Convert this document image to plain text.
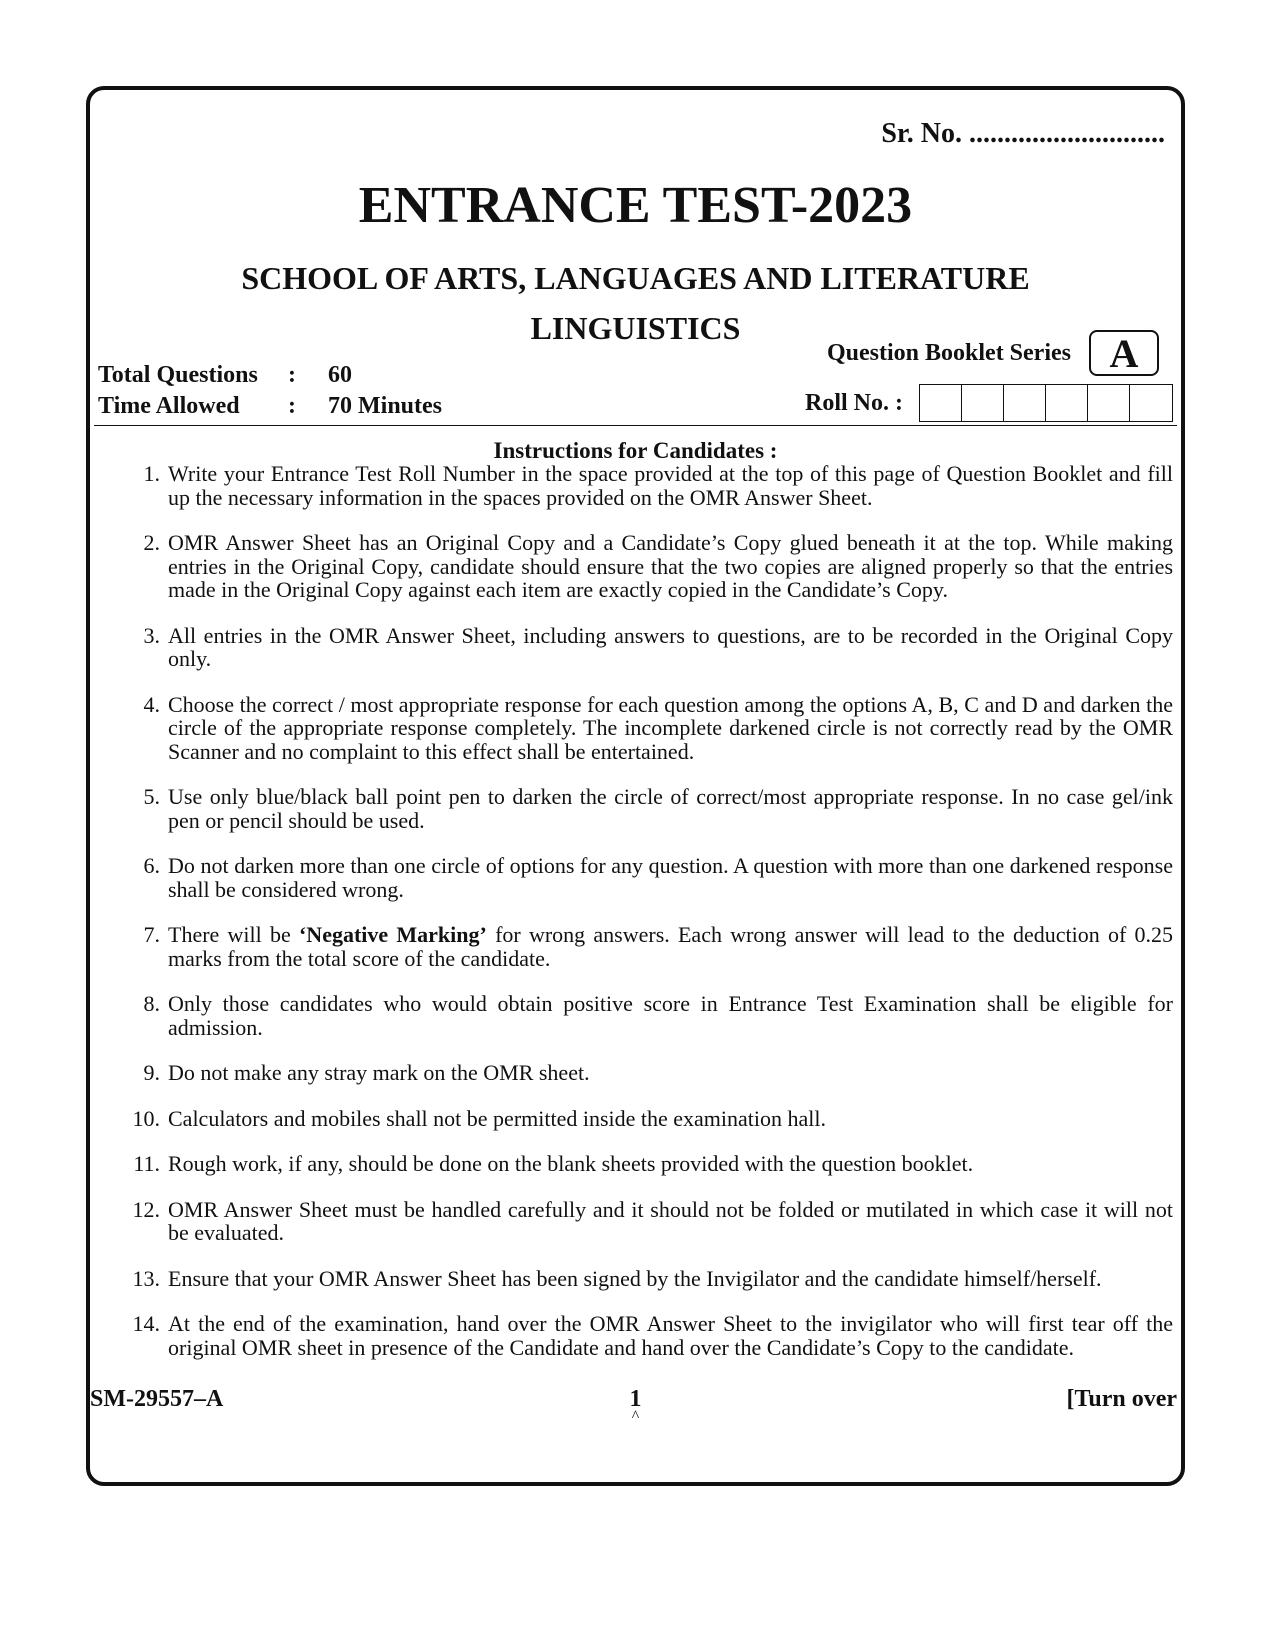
Sr. No. ............................
ENTRANCE TEST-2023
SCHOOL OF ARTS, LANGUAGES AND LITERATURE
LINGUISTICS
Question Booklet Series A
Total Questions	:	60
Time Allowed	:	70 Minutes	Roll No. :
Instructions for Candidates :
1. Write your Entrance Test Roll Number in the space provided at the top of this page of Question Booklet and fill up the necessary information in the spaces provided on the OMR Answer Sheet.
2. OMR Answer Sheet has an Original Copy and a Candidate’s Copy glued beneath it at the top. While making entries in the Original Copy, candidate should ensure that the two copies are aligned properly so that the entries made in the Original Copy against each item are exactly copied in the Candidate’s Copy.
3. All entries in the OMR Answer Sheet, including answers to questions, are to be recorded in the Original Copy only.
4. Choose the correct / most appropriate response for each question among the options A, B, C and D and darken the circle of the appropriate response completely. The incomplete darkened circle is not correctly read by the OMR Scanner and no complaint to this effect shall be entertained.
5. Use only blue/black ball point pen to darken the circle of correct/most appropriate response. In no case gel/ink pen or pencil should be used.
6. Do not darken more than one circle of options for any question. A question with more than one darkened response shall be considered wrong.
7. There will be ‘Negative Marking’ for wrong answers. Each wrong answer will lead to the deduction of 0.25 marks from the total score of the candidate.
8. Only those candidates who would obtain positive score in Entrance Test Examination shall be eligible for admission.
9. Do not make any stray mark on the OMR sheet.
10. Calculators and mobiles shall not be permitted inside the examination hall.
11. Rough work, if any, should be done on the blank sheets provided with the question booklet.
12. OMR Answer Sheet must be handled carefully and it should not be folded or mutilated in which case it will not be evaluated.
13. Ensure that your OMR Answer Sheet has been signed by the Invigilator and the candidate himself/herself.
14. At the end of the examination, hand over the OMR Answer Sheet to the invigilator who will first tear off the original OMR sheet in presence of the Candidate and hand over the Candidate’s Copy to the candidate.
SM-29557–A	1
^
[Turn over
